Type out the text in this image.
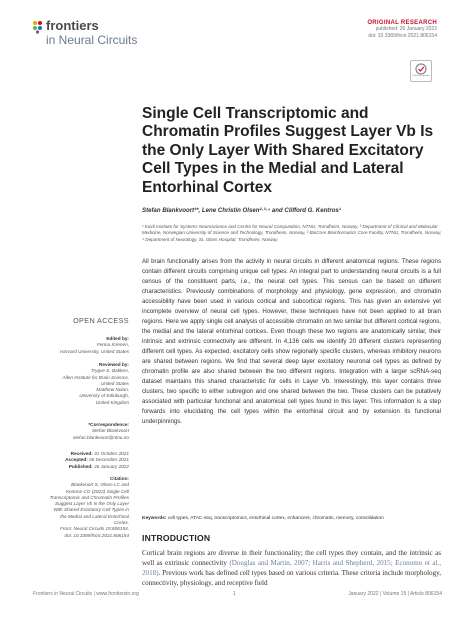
frontiers
in Neural Circuits
ORIGINAL RESEARCH
published: 26 January 2022
doi: 10.3389/fncir.2021.806154
Check for updates
Single Cell Transcriptomic and Chromatin Profiles Suggest Layer Vb Is the Only Layer With Shared Excitatory Cell Types in the Medial and Lateral Entorhinal Cortex
Stefan Blankvoort¹*, Lene Christin Olsen²·³·⁴ and Clifford G. Kentros¹
¹ Kavli Institute for Systems Neuroscience and Centre for Neural Computation, NTNU, Trondheim, Norway, ² Department of Clinical and Molecular Medicine, Norwegian University of Science and Technology, Trondheim, Norway, ³ BioCore Bioinformatics Core Facility, NTNU, Trondheim, Norway, ⁴ Department of Neurology, St. Olavs Hospital, Trondheim, Norway
All brain functionality arises from the activity in neural circuits in different anatomical regions. These regions contain different circuits comprising unique cell types. An integral part to understanding neural circuits is a full census of the constituent parts, i.e., the neural cell types. This census can be based on different characteristics. Previously combinations of morphology and physiology, gene expression, and chromatin accessibility have been used in various cortical and subcortical regions. This has given an extensive yet incomplete overview of neural cell types. However, these techniques have not been applied to all brain regions. Here we apply single cell analysis of accessible chromatin on two similar but different cortical regions, the medial and the lateral entorhinal cortices. Even though these two regions are anatomically similar, their intrinsic and extrinsic connectivity are different. In 4,136 cells we identify 20 different clusters representing different cell types. As expected, excitatory cells show regionally specific clusters, whereas inhibitory neurons are shared between regions. We find that several deep layer excitatory neuronal cell types as defined by chromatin profile are also shared between the two different regions. Integration with a larger scRNA-seq dataset maintains this shared characteristic for cells in Layer Vb. Interestingly, this layer contains three clusters, two specific to either subregion and one shared between the two. These clusters can be putatively associated with particular functional and anatomical cell types found in this layer. This information is a step forwards into elucidating the cell types within the entorhinal circuit and by extension its functional underpinnings.
Keywords: cell types, ATAC-seq, transcriptomics, entorhinal cortex, enhancers, chromatin, memory, consolidation
INTRODUCTION
Cortical brain regions are diverse in their functionality; the cell types they contain, and the intrinsic as well as extrinsic connectivity (Douglas and Martin, 2007; Harris and Shepherd, 2015; Economo et al., 2018). Previous work has defined cell types based on various criteria. These criteria include morphology, connectivity, physiology, and receptive field
OPEN ACCESS
Edited by:
Fenna Krienen,
Harvard University, United States
Reviewed by:
Trygve E. Bakken,
Allen Institute for Brain Science,
United States
Matthew Nolan,
University of Edinburgh,
United Kingdom
*Correspondence:
Stefan Blankvoort
stefan.blankvoort@ntnu.no
Received: 31 October 2021
Accepted: 06 December 2021
Published: 26 January 2022
Citation:
Blankvoort S, Olsen LC and
Kentros CG (2022) Single Cell
Transcriptomic and Chromatin Profiles
Suggest Layer Vb Is the Only Layer
With Shared Excitatory Cell Types in
the Medial and Lateral Entorhinal
Cortex.
Front. Neural Circuits 15:806154.
doi: 10.3389/fncir.2021.806154
Frontiers in Neural Circuits | www.frontiersin.org	1	January 2022 | Volume 15 | Article 806154
